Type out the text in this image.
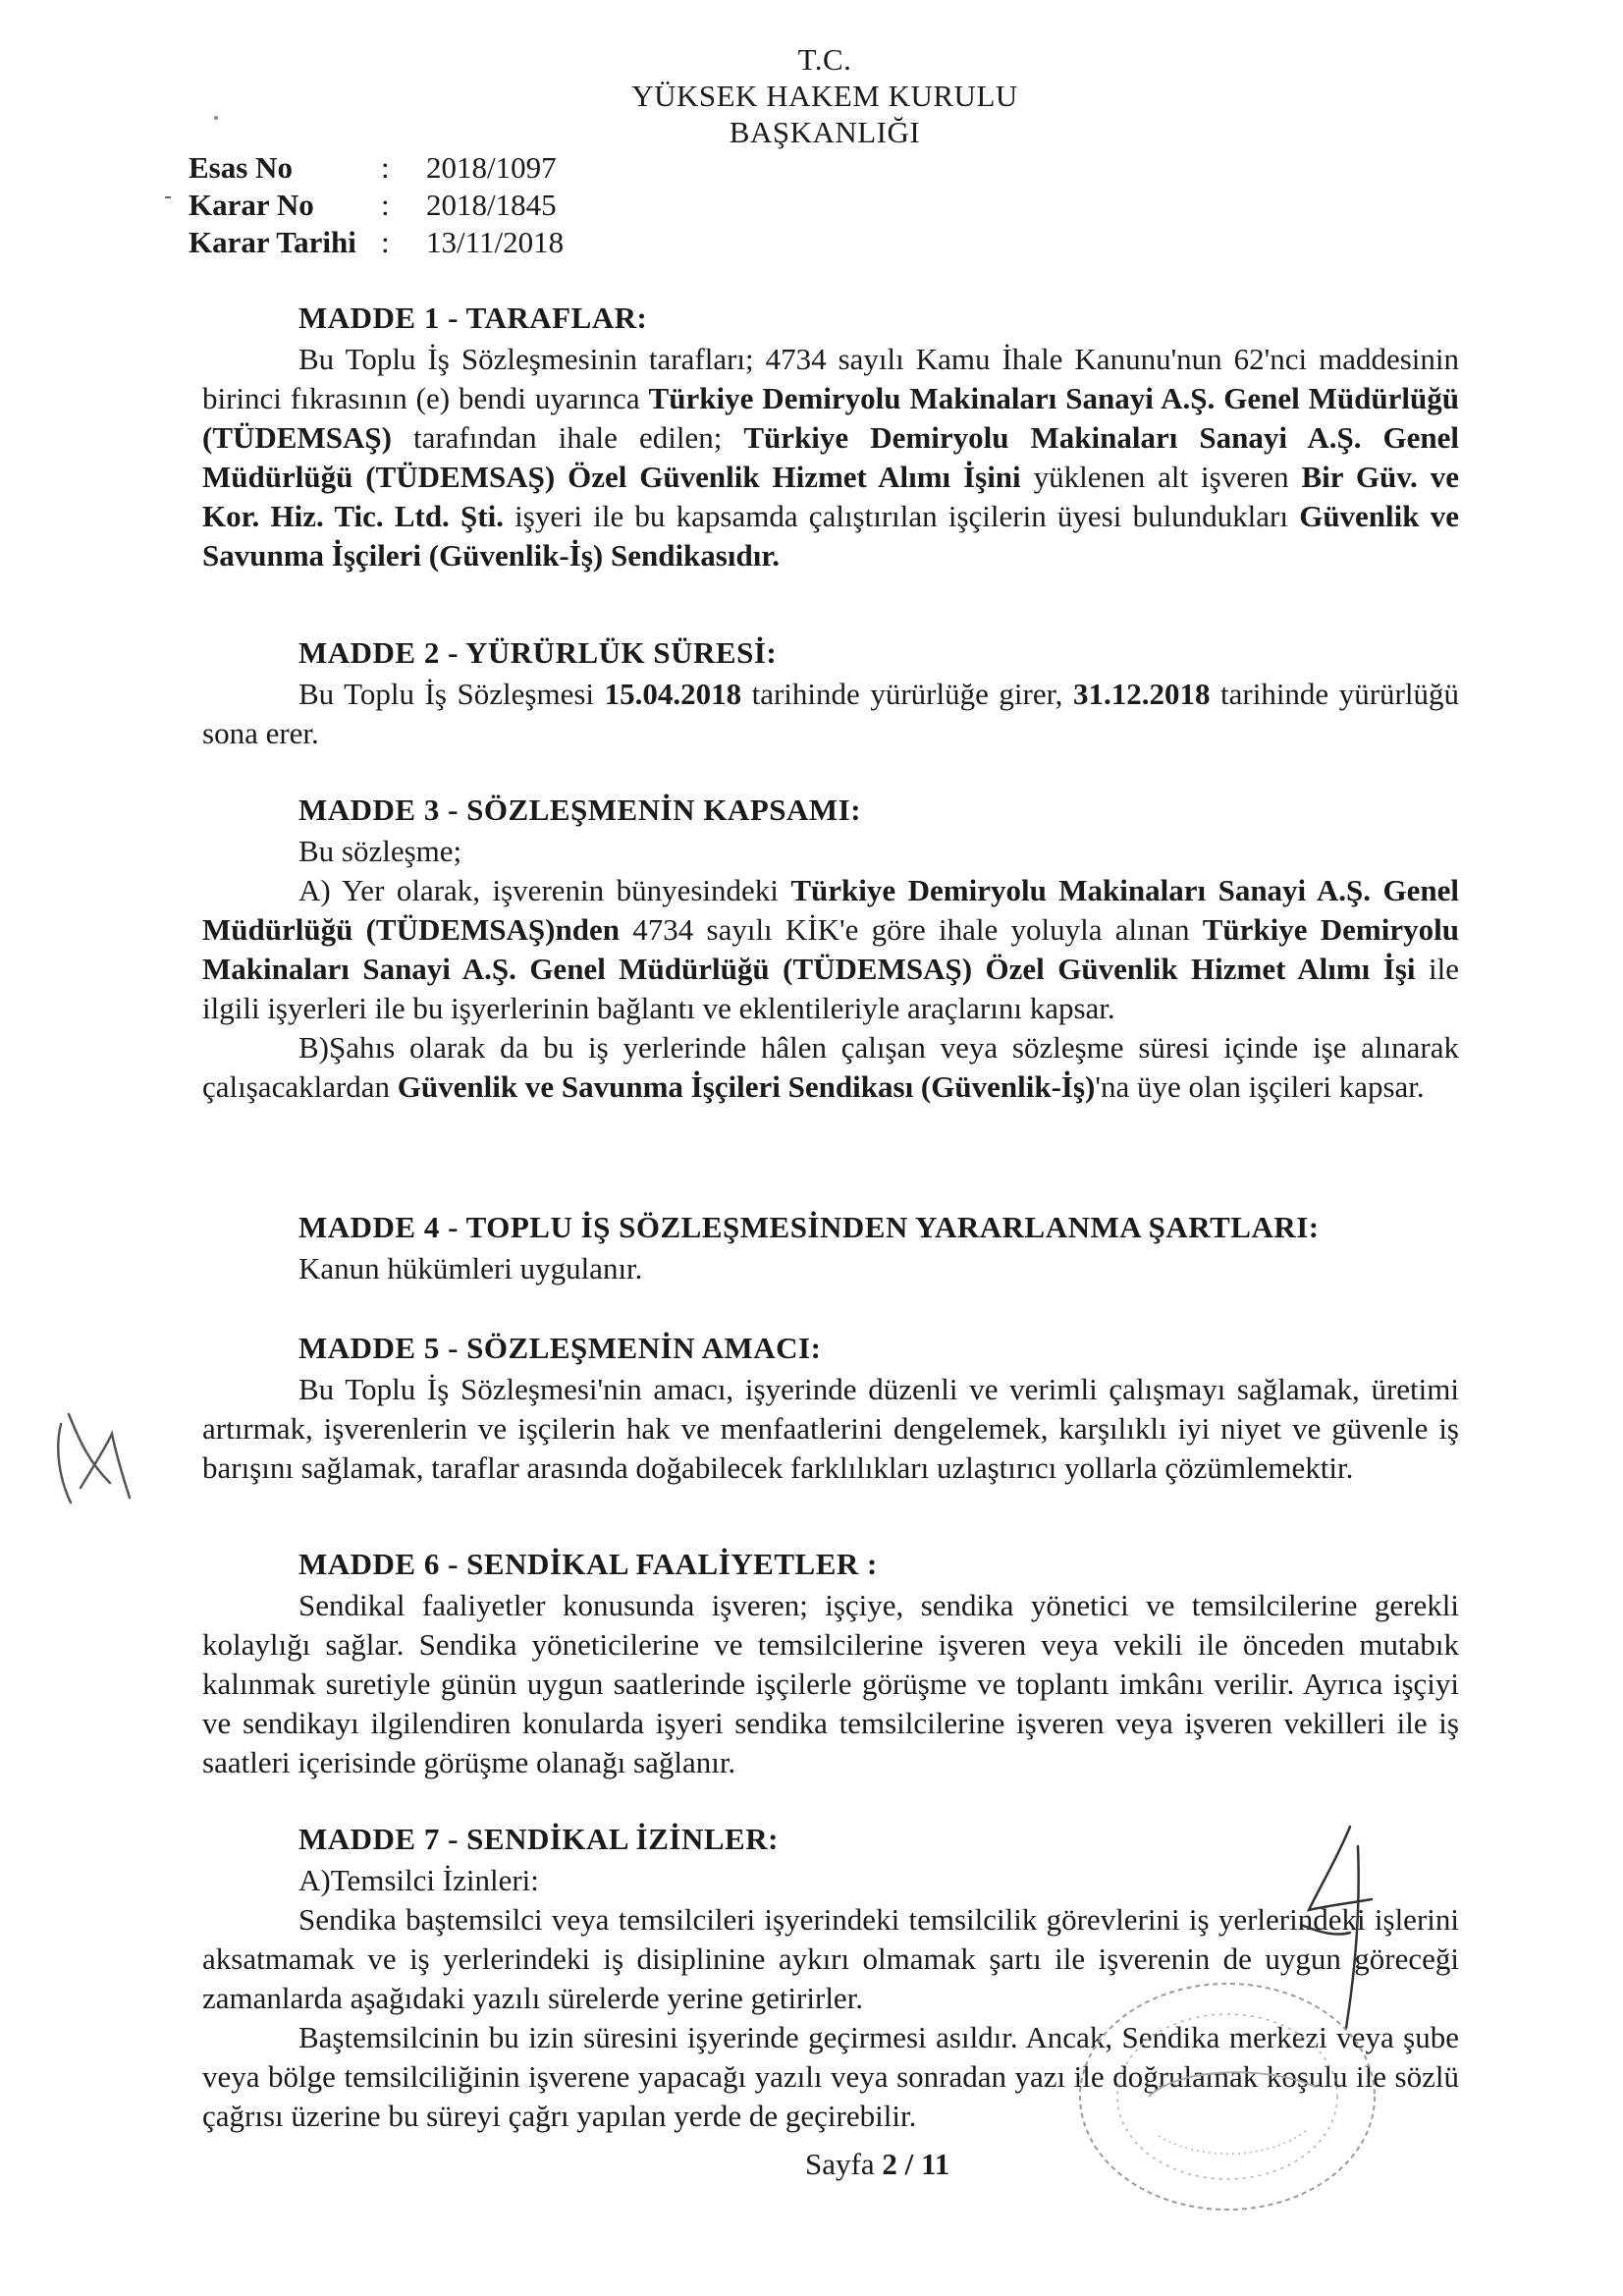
T.C.
YÜKSEK HAKEM KURULU
BAŞKANLIĞI
Esas No	:	2018/1097
Karar No	:	2018/1845
Karar Tarihi :	13/11/2018
MADDE 1 - TARAFLAR:

Bu Toplu İş Sözleşmesinin tarafları; 4734 sayılı Kamu İhale Kanunu'nun 62'nci maddesinin birinci fıkrasının (e) bendi uyarınca Türkiye Demiryolu Makinaları Sanayi A.Ş. Genel Müdürlüğü (TÜDEMSAŞ) tarafından ihale edilen; Türkiye Demiryolu Makinaları Sanayi A.Ş. Genel Müdürlüğü (TÜDEMSAŞ) Özel Güvenlik Hizmet Alımı İşini yüklenen alt işveren Bir Güv. ve Kor. Hiz. Tic. Ltd. Şti. işyeri ile bu kapsamda çalıştırılan işçilerin üyesi bulundukları Güvenlik ve Savunma İşçileri (Güvenlik-İş) Sendikasıdır.

MADDE 2 - YÜRÜRLÜK SÜRESİ:

Bu Toplu İş Sözleşmesi 15.04.2018 tarihinde yürürlüğe girer, 31.12.2018 tarihinde yürürlüğü sona erer.

MADDE 3 - SÖZLEŞMENİN KAPSAMI:

Bu sözleşme;

A) Yer olarak, işverenin bünyesindeki Türkiye Demiryolu Makinaları Sanayi A.Ş. Genel Müdürlüğü (TÜDEMSAŞ)nden 4734 sayılı KİK'e göre ihale yoluyla alınan Türkiye Demiryolu Makinaları Sanayi A.Ş. Genel Müdürlüğü (TÜDEMSAŞ) Özel Güvenlik Hizmet Alımı İşi ile ilgili işyerleri ile bu işyerlerinin bağlantı ve eklentileriyle araçlarını kapsar.

B)Şahıs olarak da bu iş yerlerinde hâlen çalışan veya sözleşme süresi içinde işe alınarak çalışacaklardan Güvenlik ve Savunma İşçileri Sendikası (Güvenlik-İş)'na üye olan işçileri kapsar.

MADDE 4 - TOPLU İŞ SÖZLEŞMESİNDEN YARARLANMA ŞARTLARI:

Kanun hükümleri uygulanır.

MADDE 5 - SÖZLEŞMENİN AMACI:

Bu Toplu İş Sözleşmesi'nin amacı, işyerinde düzenli ve verimli çalışmayı sağlamak, üretimi artırmak, işverenlerin ve işçilerin hak ve menfaatlerini dengelemek, karşılıklı iyi niyet ve güvenle iş barışını sağlamak, taraflar arasında doğabilecek farklılıkları uzlaştırıcı yollarla çözümlemektir.

MADDE 6 - SENDİKAL FAALİYETLER :

Sendikal faaliyetler konusunda işveren; işçiye, sendika yönetici ve temsilcilerine gerekli kolaylığı sağlar. Sendika yöneticilerine ve temsilcilerine işveren veya vekili ile önceden mutabık kalınmak suretiyle günün uygun saatlerinde işçilerle görüşme ve toplantı imkânı verilir. Ayrıca işçiyi ve sendikayı ilgilendiren konularda işyeri sendika temsilcilerine işveren veya işveren vekilleri ile iş saatleri içerisinde görüşme olanağı sağlanır.

MADDE 7 - SENDİKAL İZİNLER:

A)Temsilci İzinleri:

Sendika baştemsilci veya temsilcileri işyerindeki temsilcilik görevlerini iş yerlerindeki işlerini aksatmamak ve iş yerlerindeki iş disiplinine aykırı olmamak şartı ile işverenin de uygun göreceği zamanlarda aşağıdaki yazılı sürelerde yerine getirirler.

Baştemsilcinin bu izin süresini işyerinde geçirmesi asıldır. Ancak, Sendika merkezi veya şube veya bölge temsilciliğinin işverene yapacağı yazılı veya sonradan yazı ile doğrulamak koşulu ile sözlü çağrısı üzerine bu süreyi çağrı yapılan yerde de geçirebilir.

Sayfa 2 / 11
